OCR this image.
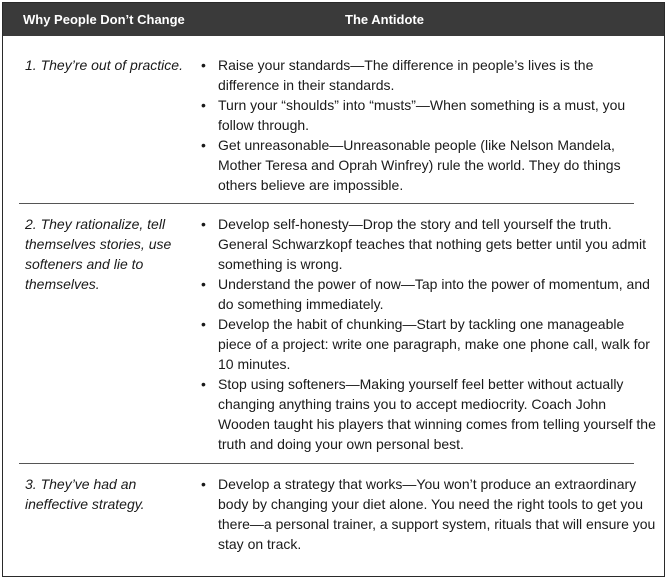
Why People Don’t Change	The Antidote
1. They’re out of practice. • Raise your standards—The difference in people’s lives is the difference in their standards.
• Turn your “shoulds” into “musts”—When something is a must, you follow through.
• Get unreasonable—Unreasonable people (like Nelson Mandela, Mother Teresa and Oprah Winfrey) rule the world. They do things others believe are impossible.
2. They rationalize, tell themselves stories, use softeners and lie to themselves.
• Develop self-honesty—Drop the story and tell yourself the truth. General Schwarzkopf teaches that nothing gets better until you admit something is wrong.
• Understand the power of now—Tap into the power of momentum, and do something immediately.
• Develop the habit of chunking—Start by tackling one manageable piece of a project: write one paragraph, make one phone call, walk for 10 minutes.
• Stop using softeners—Making yourself feel better without actually changing anything trains you to accept mediocrity. Coach John Wooden taught his players that winning comes from telling yourself the truth and doing your own personal best.
3. They’ve had an ineffective strategy.
• Develop a strategy that works—You won’t produce an extraordinary body by changing your diet alone. You need the right tools to get you there—a personal trainer, a support system, rituals that will ensure you stay on track.
